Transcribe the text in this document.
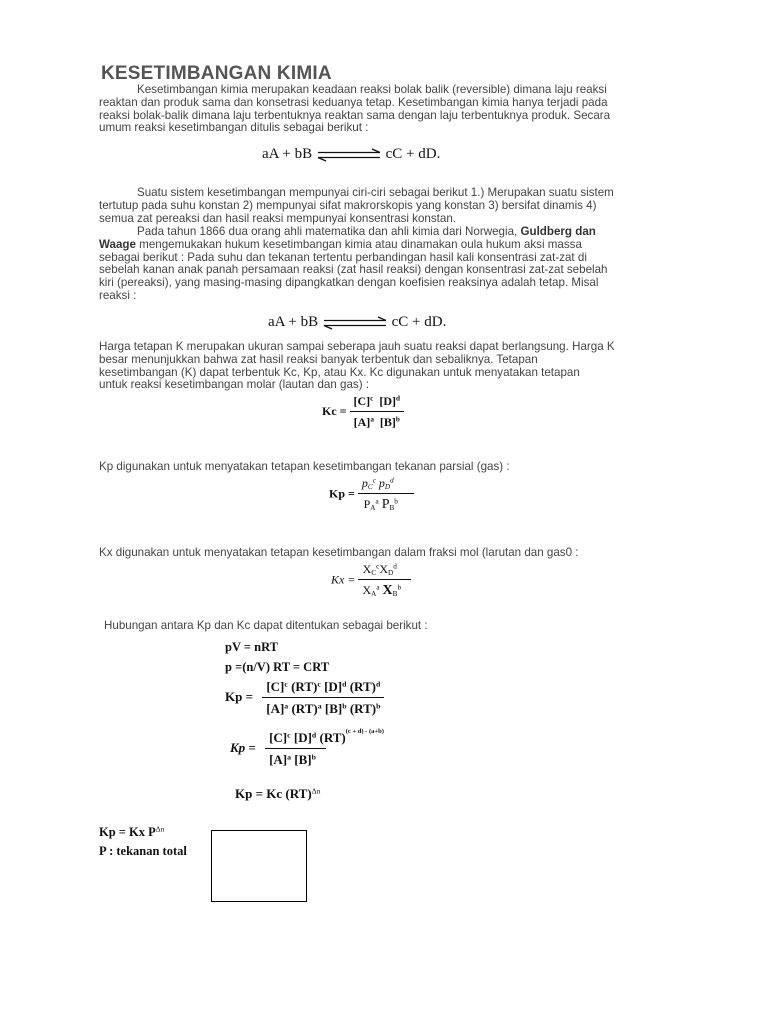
KESETIMBANGAN KIMIA
Kesetimbangan kimia merupakan keadaan reaksi bolak balik (reversible) dimana laju reaksi
reaktan dan produk sama dan konsetrasi keduanya tetap. Kesetimbangan kimia hanya terjadi pada
reaksi bolak-balik dimana laju terbentuknya reaktan sama dengan laju terbentuknya produk. Secara
umum reaksi kesetimbangan ditulis sebagai berikut :
aA + bB	cC + dD.
Suatu sistem kesetimbangan mempunyai ciri-ciri sebagai berikut 1.) Merupakan suatu sistem
tertutup pada suhu konstan 2) mempunyai sifat makrorskopis yang konstan 3) bersifat dinamis 4)
semua zat pereaksi dan hasil reaksi mempunyai konsentrasi konstan.
Pada tahun 1866 dua orang ahli matematika dan ahli kimia dari Norwegia, Guldberg dan
Waage mengemukakan hukum kesetimbangan kimia atau dinamakan oula hukum aksi massa
sebagai berikut : Pada suhu dan tekanan tertentu perbandingan hasil kali konsentrasi zat-zat di
sebelah kanan anak panah persamaan reaksi (zat hasil reaksi) dengan konsentrasi zat-zat sebelah
kiri (pereaksi), yang masing-masing dipangkatkan dengan koefisien reaksinya adalah tetap. Misal
reaksi :
aA + bB	cC + dD.
Harga tetapan K merupakan ukuran sampai seberapa jauh suatu reaksi dapat berlangsung. Harga K
besar menunjukkan bahwa zat hasil reaksi banyak terbentuk dan sebaliknya. Tetapan
kesetimbangan (K) dapat terbentuk Kc, Kp, atau Kx. Kc digunakan untuk menyatakan tetapan
untuk reaksi kesetimbangan molar (lautan dan gas) :
$Kc = \frac{[C]^c [D]^d}{[A]^a [B]^b}$
Kp digunakan untuk menyatakan tetapan kesetimbangan tekanan parsial (gas) :
$Kp = \frac{p_C^c p_D^d}{P_A^a P_B^b}$
Kx digunakan untuk menyatakan tetapan kesetimbangan dalam fraksi mol (larutan dan gas0 :
$Kx = \frac{X_C^cX_D^d}{X_A^a X_B^b}$
Hubungan antara Kp dan Kc dapat ditentukan sebagai berikut :
pV = nRT
p =(n/V) RT = CRT
$Kp = \frac{[C]^c (RT)^c [D]^d (RT)^d}{[A]^a (RT)^a [B]^b (RT)^b}$
$Kp = \frac{[C]^c [D]^d (RT)^{(c + d) - (a+b)}}{[A]^a [B]^b}$
Kp = Kc (RT)$^{\Delta n}$
Kp = Kx $P^{\Delta n}$
P : tekanan total
